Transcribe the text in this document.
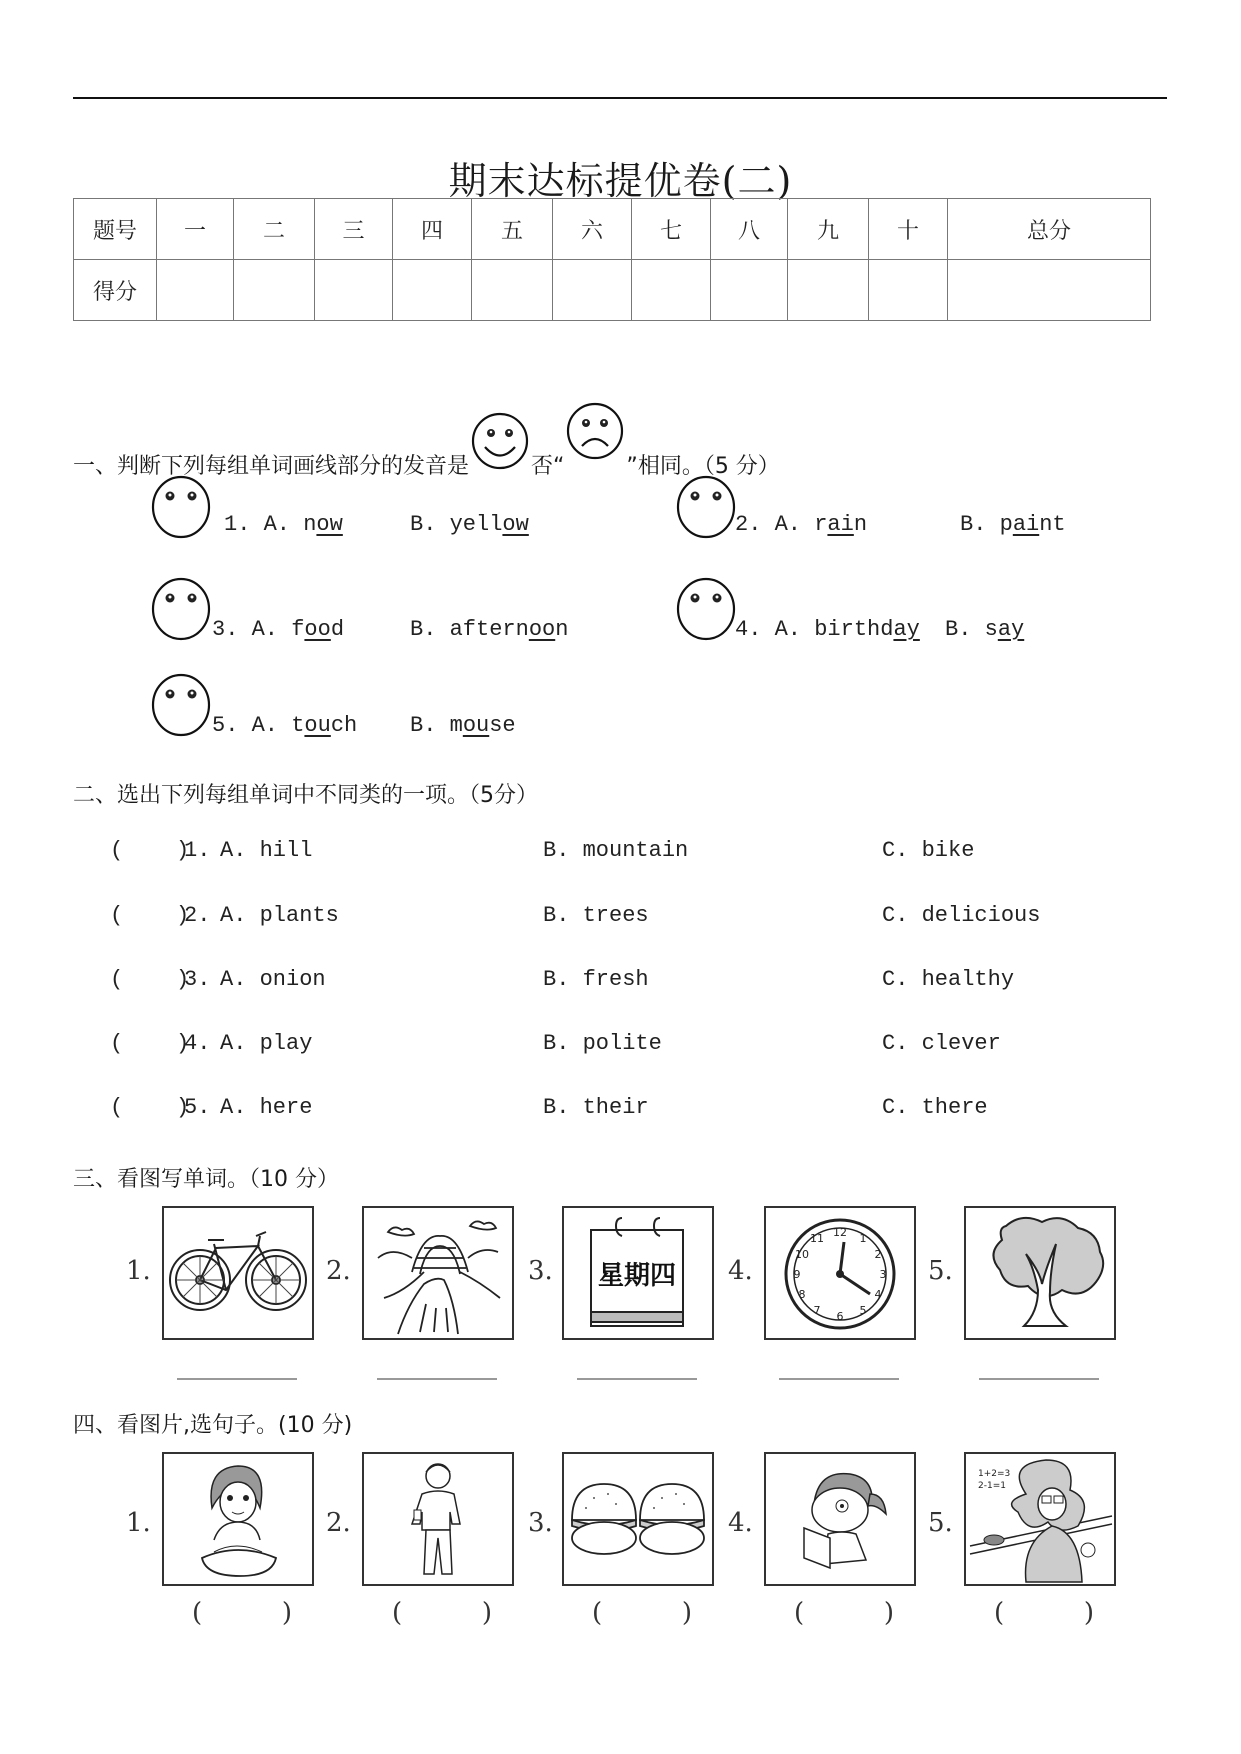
期末达标提优卷(二)
题号	一	二	三	四	五	六	七	八	九	十	总分
得分											
一、判断下列每组单词画线部分的发音是	否“	”相同。（5 分）
二、选出下列每组单词中不同类的一项。（5分）
三、看图写单词。（10 分）
四、看图片,选句子。(10 分)
1. A. now	B. yellow	2. A. rain	B. paint
3. A. food	B. afternoon	4. A. birthday B. say
5. A. touch B. mouse
(    )
1. A. hill	B. mountain	C. bike
(    )
2. A. plants	B. trees	C. delicious
(    )
3. A. onion	B. fresh	C. healthy
(    )
4. A. play	B. polite	C. clever
(    )
5. A. here	B. their	C. there
1.	2.	3. 星期四 4.
12 1
2
3
4
5
6
7
8
9
10
11
5.
1.
(	)
2.
(	)
3.
(	)
4.
(	)
5.
1+2=3
2-1=1
(	)
